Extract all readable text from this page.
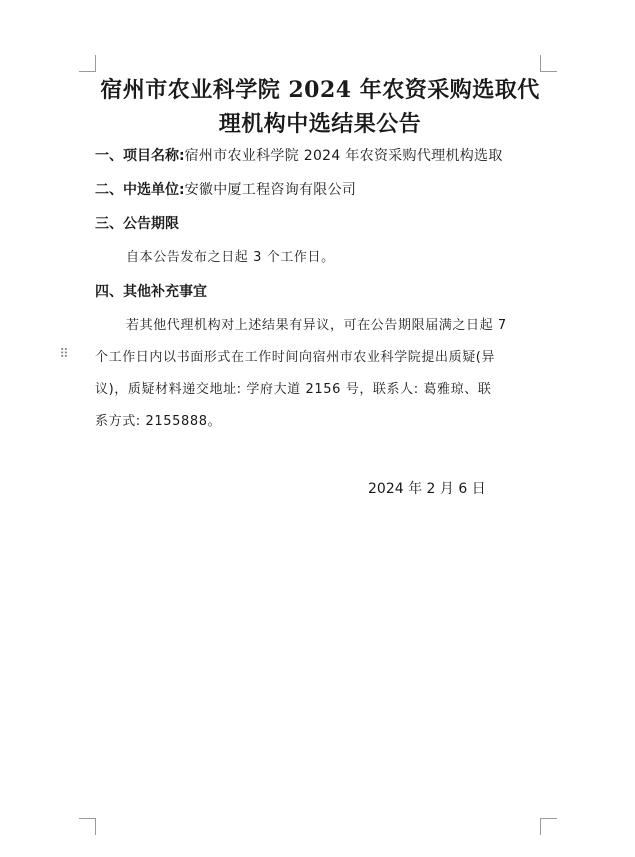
宿州市农业科学院 2024 年农资采购选取代
理机构中选结果公告
一、项目名称:宿州市农业科学院 2024 年农资采购代理机构选取
二、中选单位:安徽中厦工程咨询有限公司
三、公告期限
自本公告发布之日起 3 个工作日。
四、其他补充事宜
若其他代理机构对上述结果有异议，可在公告期限届满之日起 7
个工作日内以书面形式在工作时间向宿州市农业科学院提出质疑(异
议)，质疑材料递交地址: 学府大道 2156 号，联系人: 葛雅琼、联
系方式: 2155888。
2024 年 2 月 6 日
⠿
